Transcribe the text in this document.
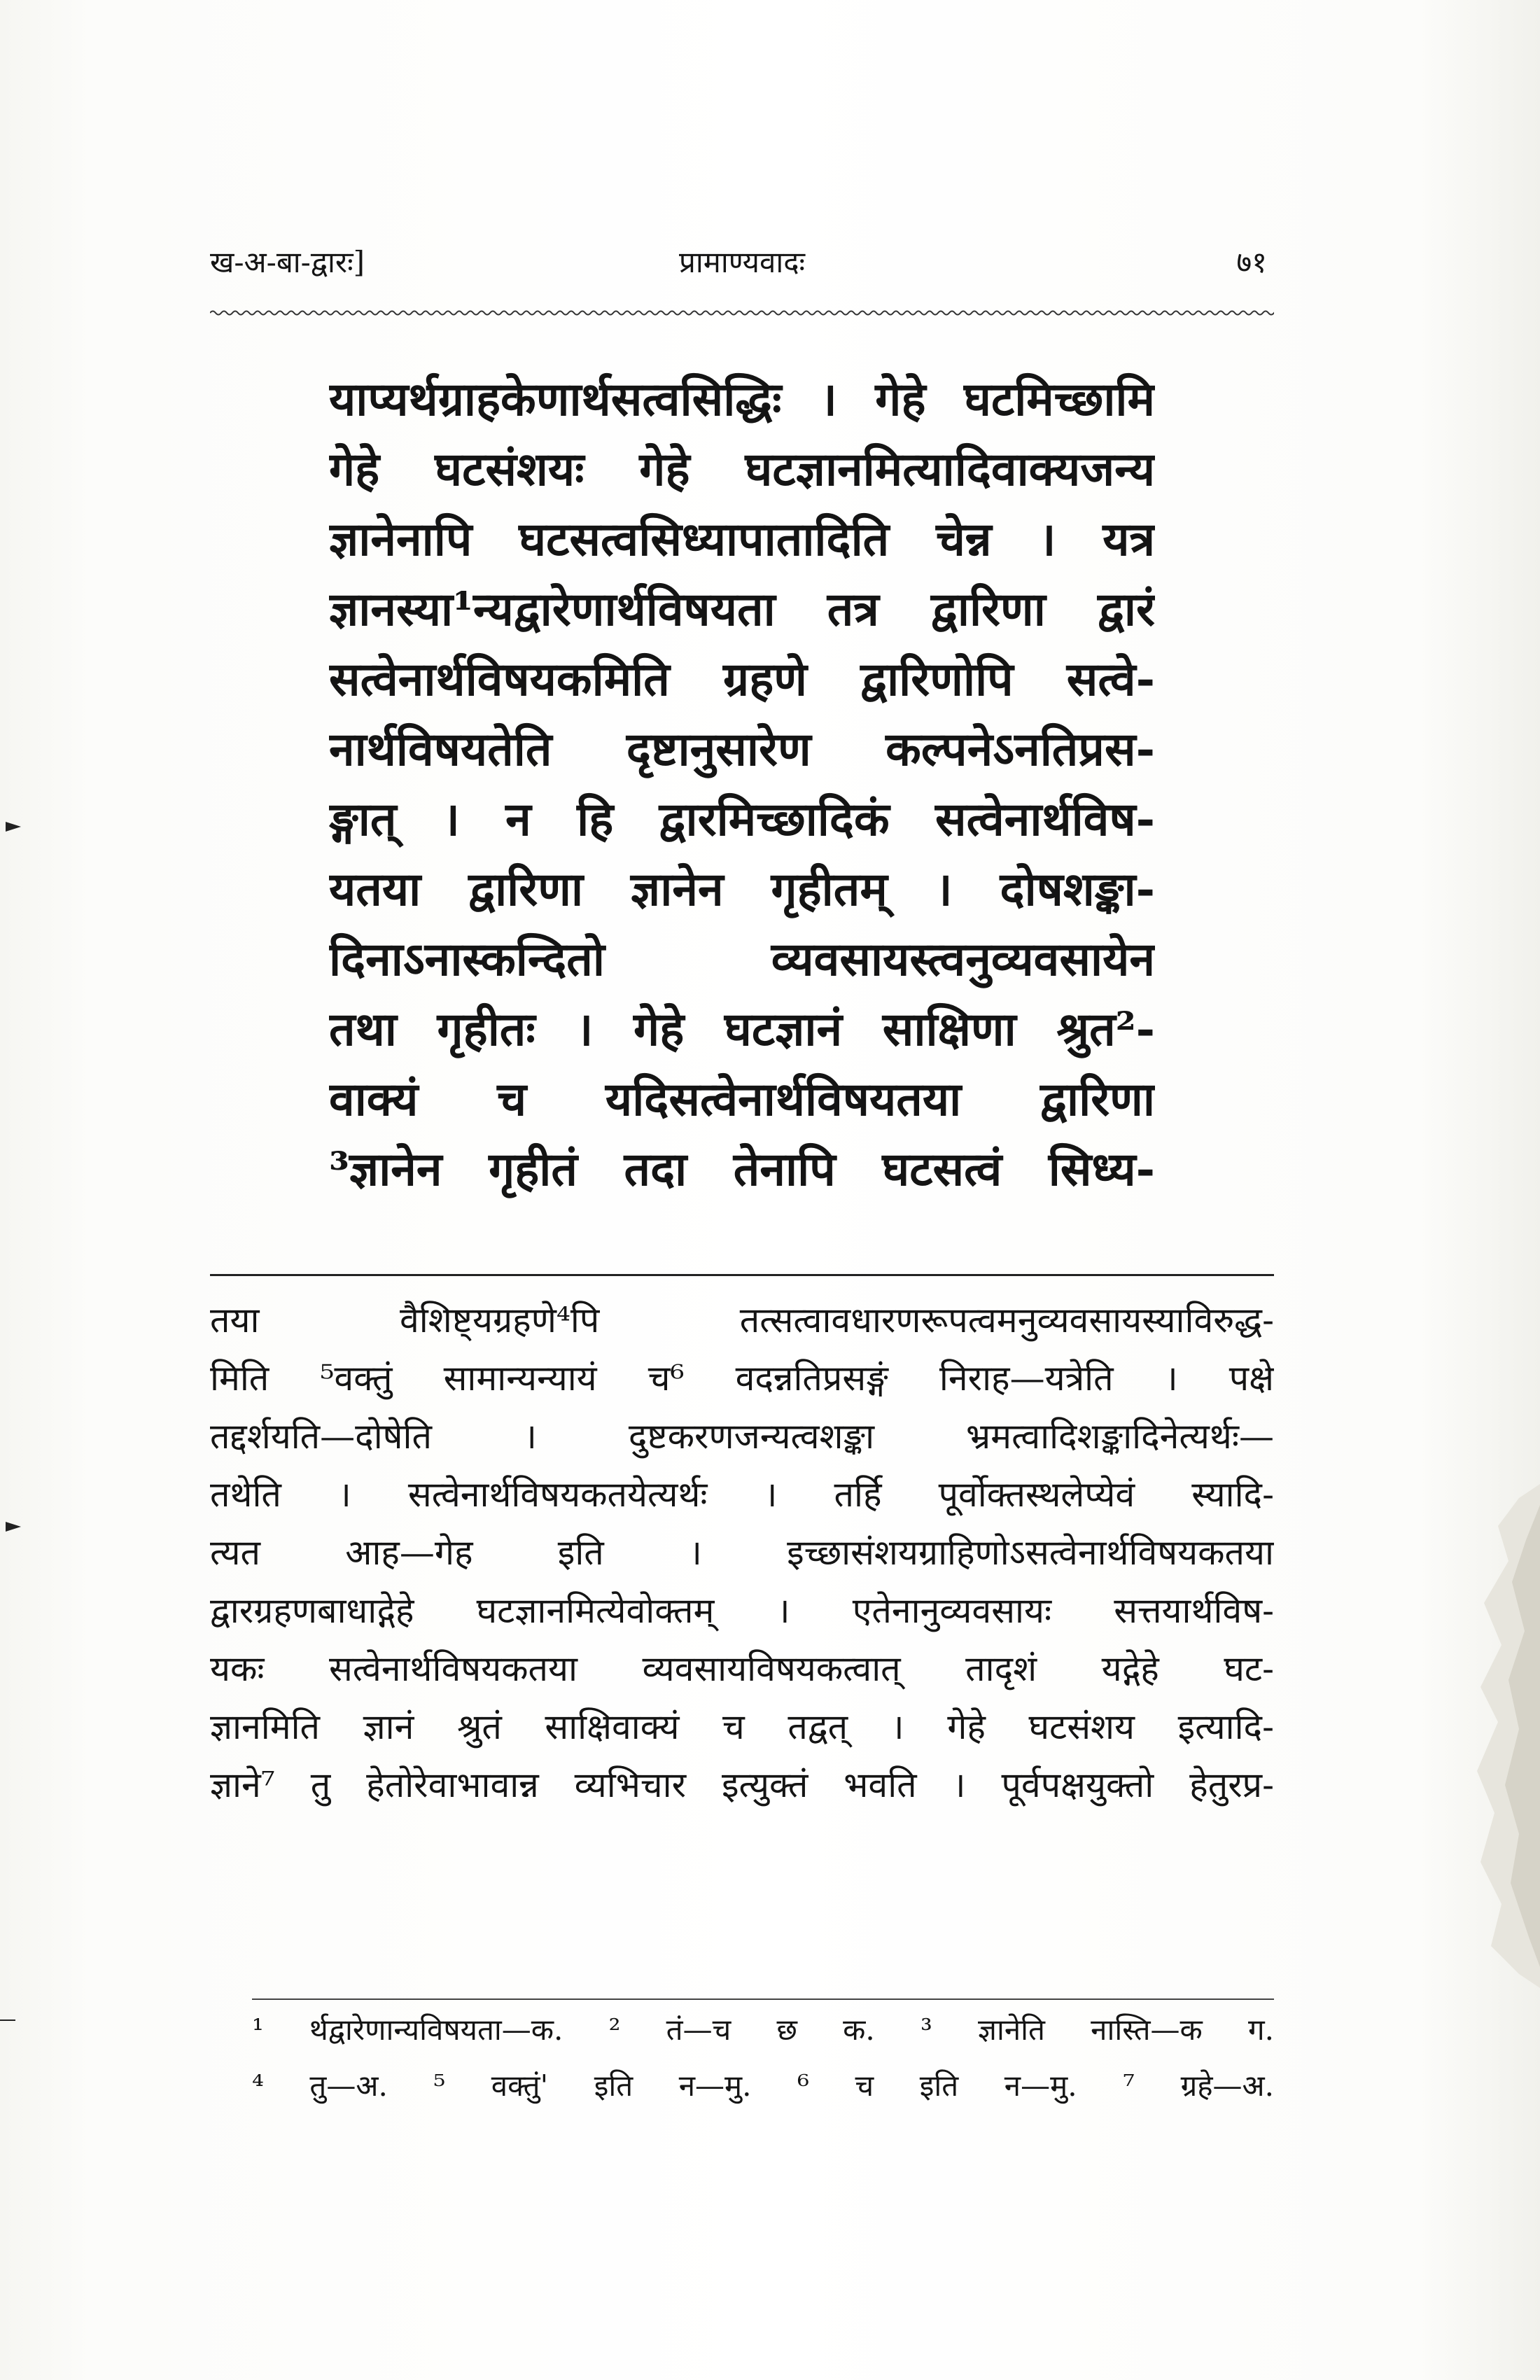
ख-अ-बा-द्वारः]	प्रामाण्यवादः	७१
याप्यर्थग्राहकेणार्थसत्वसिद्धिः । गेहे घटमिच्छामि
गेहे घटसंशयः गेहे घटज्ञानमित्यादिवाक्यजन्य
ज्ञानेनापि घटसत्वसिध्यापातादिति चेन्न । यत्र
ज्ञानस्या¹न्यद्वारेणार्थविषयता तत्र द्वारिणा द्वारं
सत्वेनार्थविषयकमिति ग्रहणे द्वारिणोपि सत्वे-
नार्थविषयतेति दृष्टानुसारेण कल्पनेऽनतिप्रस-
ङ्गात् । न हि द्वारमिच्छादिकं सत्वेनार्थविष-
यतया द्वारिणा ज्ञानेन गृहीतम् । दोषशङ्का-
दिनाऽनास्कन्दितो व्यवसायस्त्वनुव्यवसायेन
तथा गृहीतः । गेहे घटज्ञानं साक्षिणा श्रुत²-
वाक्यं च यदिसत्वेनार्थविषयतया द्वारिणा
³ज्ञानेन गृहीतं तदा तेनापि घटसत्वं सिध्य-
तया वैशिष्ट्यग्रहणे⁴पि तत्सत्वावधारणरूपत्वमनुव्यवसायस्याविरुद्ध-
मिति ⁵वक्तुं सामान्यन्यायं च⁶ वदन्नतिप्रसङ्गं निराह—यत्रेति । पक्षे
तद्दर्शयति—दोषेति । दुष्टकरणजन्यत्वशङ्का भ्रमत्वादिशङ्कादिनेत्यर्थः—
तथेति । सत्वेनार्थविषयकतयेत्यर्थः । तर्हि पूर्वोक्तस्थलेप्येवं स्यादि-
त्यत आह—गेह इति । इच्छासंशयग्राहिणोऽसत्वेनार्थविषयकतया
द्वारग्रहणबाधाद्गेहे घटज्ञानमित्येवोक्तम् । एतेनानुव्यवसायः सत्तयार्थविष-
यकः सत्वेनार्थविषयकतया व्यवसायविषयकत्वात् तादृशं यद्गेहे घट-
ज्ञानमिति ज्ञानं श्रुतं साक्षिवाक्यं च तद्वत् । गेहे घटसंशय इत्यादि-
ज्ञाने⁷ तु हेतोरेवाभावान्न व्यभिचार इत्युक्तं भवति । पूर्वपक्षयुक्तो हेतुरप्र-
¹ र्थद्वारेणान्यविषयता—क. ² तं—च छ क. ³ ज्ञानेति नास्ति—क ग.
⁴ तु—अ. ⁵ वक्तुं' इति न—मु. ⁶ च इति न—मु. ⁷ ग्रहे—अ.
